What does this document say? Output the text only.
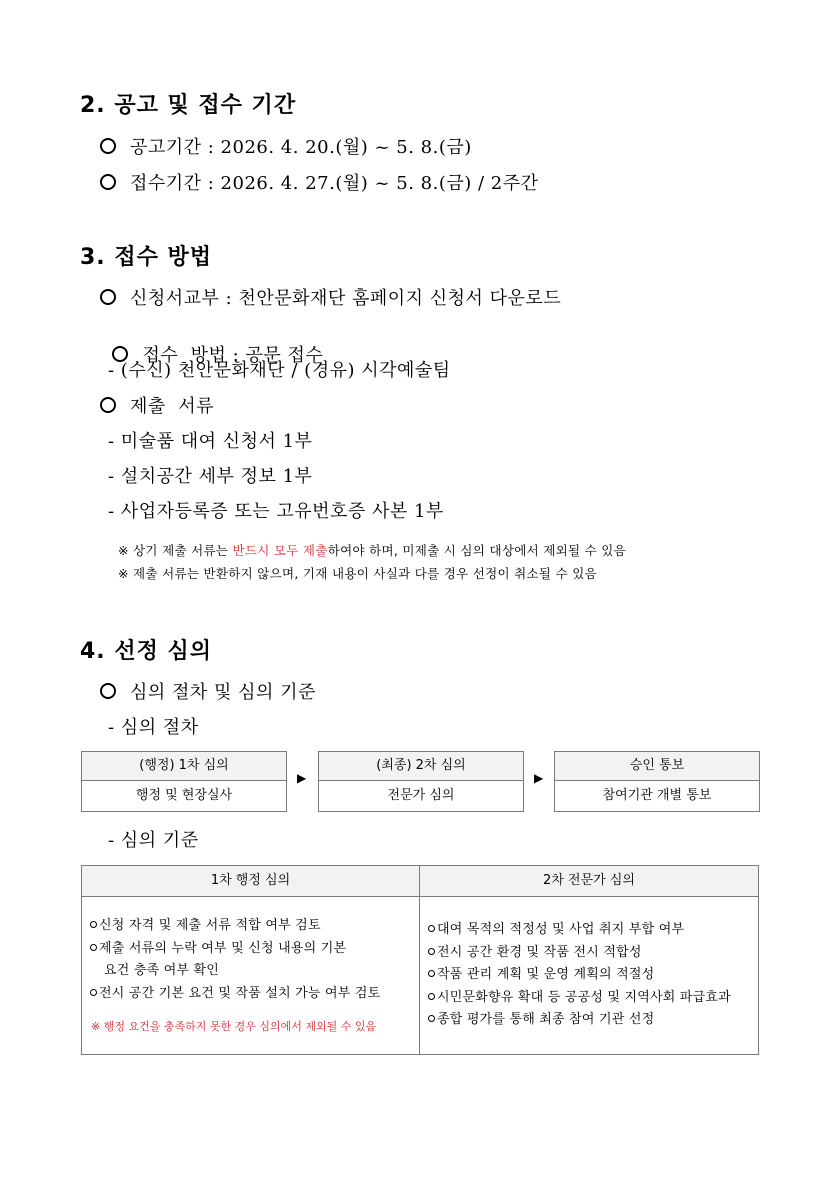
2. 공고 및 접수 기간
공고기간 : 2026. 4. 20.(월) ~ 5. 8.(금)
접수기간 : 2026. 4. 27.(월) ~ 5. 8.(금) / 2주간
3. 접수 방법
신청서교부 : 천안문화재단 홈페이지 신청서 다운로드

접수  방법 : 공문 접수

- (수신) 천안문화재단 / (경유) 시각예술팀
제출  서류
- 미술품 대여 신청서 1부
- 설치공간 세부 정보 1부
- 사업자등록증 또는 고유번호증 사본 1부
※ 상기 제출 서류는 반드시 모두 제출하여야 하며, 미제출 시 심의 대상에서 제외될 수 있음
※ 제출 서류는 반환하지 않으며, 기재 내용이 사실과 다를 경우 선정이 취소될 수 있음
4. 선정 심의
심의 절차 및 심의 기준
- 심의 절차
(행정) 1차 심의
행정 및 현장실사
▶
(최종) 2차 심의
전문가 심의
▶
승인 통보
참여기관 개별 통보
- 심의 기준
1차 행정 심의	2차 전문가 심의
신청 자격 및 제출 서류 적합 여부 검토
제출 서류의 누락 여부 및 신청 내용의 기본
요건 충족 여부 확인
전시 공간 기본 요건 및 작품 설치 가능 여부 검토
※ 행정 요건을 충족하지 못한 경우 심의에서 제외될 수 있음
대여 목적의 적정성 및 사업 취지 부합 여부
전시 공간 환경 및 작품 전시 적합성
작품 관리 계획 및 운영 계획의 적절성
시민문화향유 확대 등 공공성 및 지역사회 파급효과
종합 평가를 통해 최종 참여 기관 선정
